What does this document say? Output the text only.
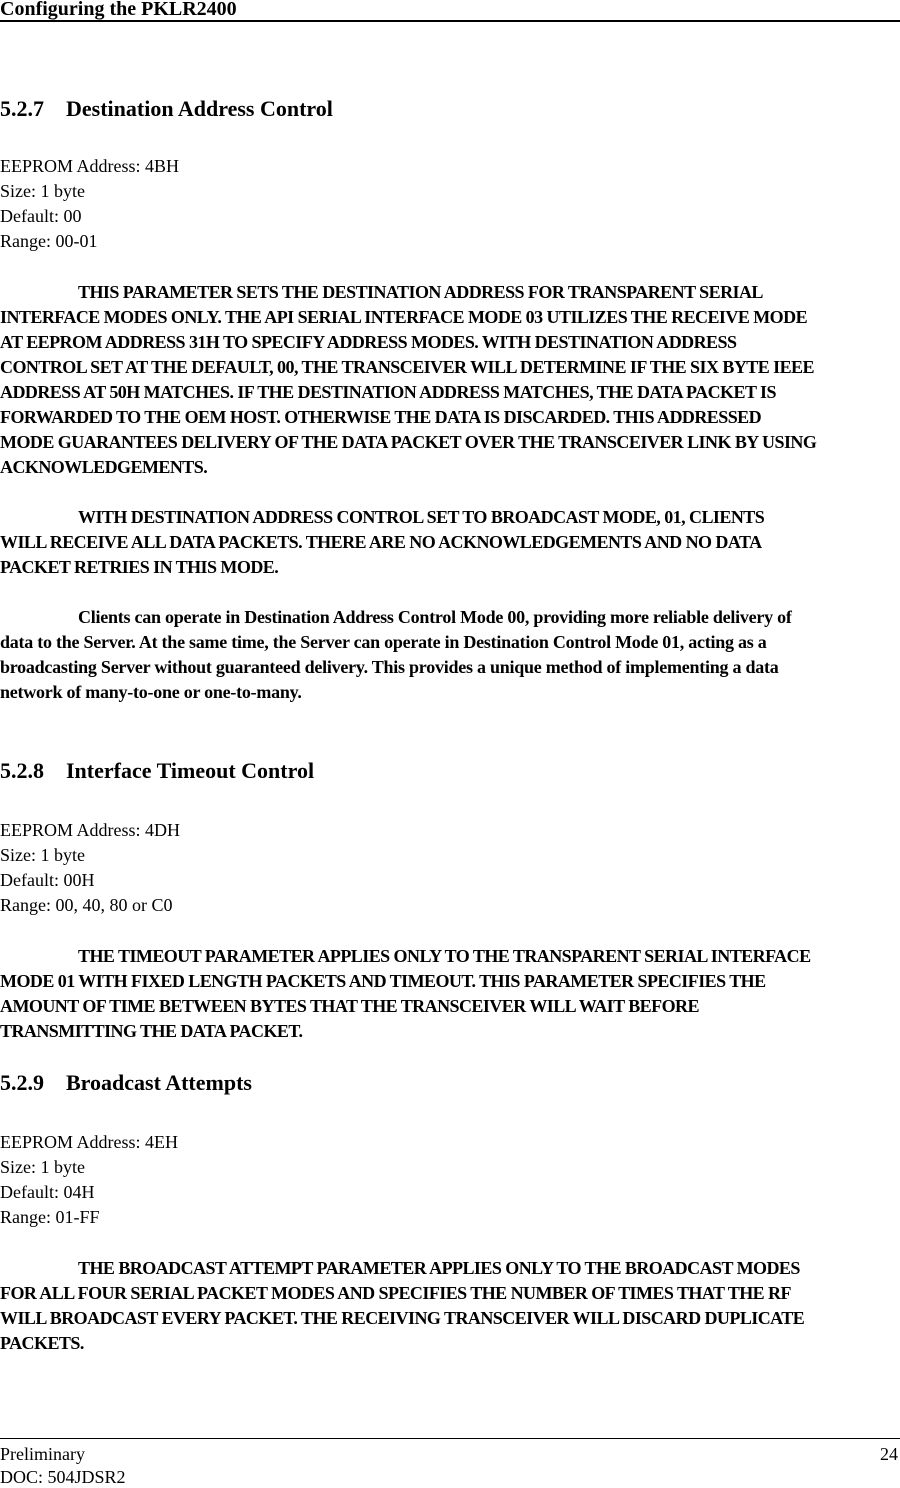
Configuring the PKLR2400
5.2.7 Destination Address Control
EEPROM Address: 4BH
Size: 1 byte
Default: 00
Range: 00-01
THIS PARAMETER SETS THE DESTINATION ADDRESS FOR TRANSPARENT SERIAL
INTERFACE MODES ONLY. THE API SERIAL INTERFACE MODE 03 UTILIZES THE RECEIVE MODE
AT EEPROM ADDRESS 31H TO SPECIFY ADDRESS MODES. WITH DESTINATION ADDRESS
CONTROL SET AT THE DEFAULT, 00, THE TRANSCEIVER WILL DETERMINE IF THE SIX BYTE IEEE
ADDRESS AT 50H MATCHES. IF THE DESTINATION ADDRESS MATCHES, THE DATA PACKET IS
FORWARDED TO THE OEM HOST. OTHERWISE THE DATA IS DISCARDED. THIS ADDRESSED
MODE GUARANTEES DELIVERY OF THE DATA PACKET OVER THE TRANSCEIVER LINK BY USING
ACKNOWLEDGEMENTS.
WITH DESTINATION ADDRESS CONTROL SET TO BROADCAST MODE, 01, CLIENTS
WILL RECEIVE ALL DATA PACKETS. THERE ARE NO ACKNOWLEDGEMENTS AND NO DATA
PACKET RETRIES IN THIS MODE.
Clients can operate in Destination Address Control Mode 00, providing more reliable delivery of
data to the Server. At the same time, the Server can operate in Destination Control Mode 01, acting as a
broadcasting Server without guaranteed delivery. This provides a unique method of implementing a data
network of many-to-one or one-to-many.
5.2.8 Interface Timeout Control
EEPROM Address: 4DH
Size: 1 byte
Default: 00H
Range: 00, 40, 80 or C0
THE TIMEOUT PARAMETER APPLIES ONLY TO THE TRANSPARENT SERIAL INTERFACE
MODE 01 WITH FIXED LENGTH PACKETS AND TIMEOUT. THIS PARAMETER SPECIFIES THE
AMOUNT OF TIME BETWEEN BYTES THAT THE TRANSCEIVER WILL WAIT BEFORE
TRANSMITTING THE DATA PACKET.
5.2.9 Broadcast Attempts
EEPROM Address: 4EH
Size: 1 byte
Default: 04H
Range: 01-FF
THE BROADCAST ATTEMPT PARAMETER APPLIES ONLY TO THE BROADCAST MODES
FOR ALL FOUR SERIAL PACKET MODES AND SPECIFIES THE NUMBER OF TIMES THAT THE RF
WILL BROADCAST EVERY PACKET. THE RECEIVING TRANSCEIVER WILL DISCARD DUPLICATE
PACKETS.
Preliminary	24
DOC: 504JDSR2
